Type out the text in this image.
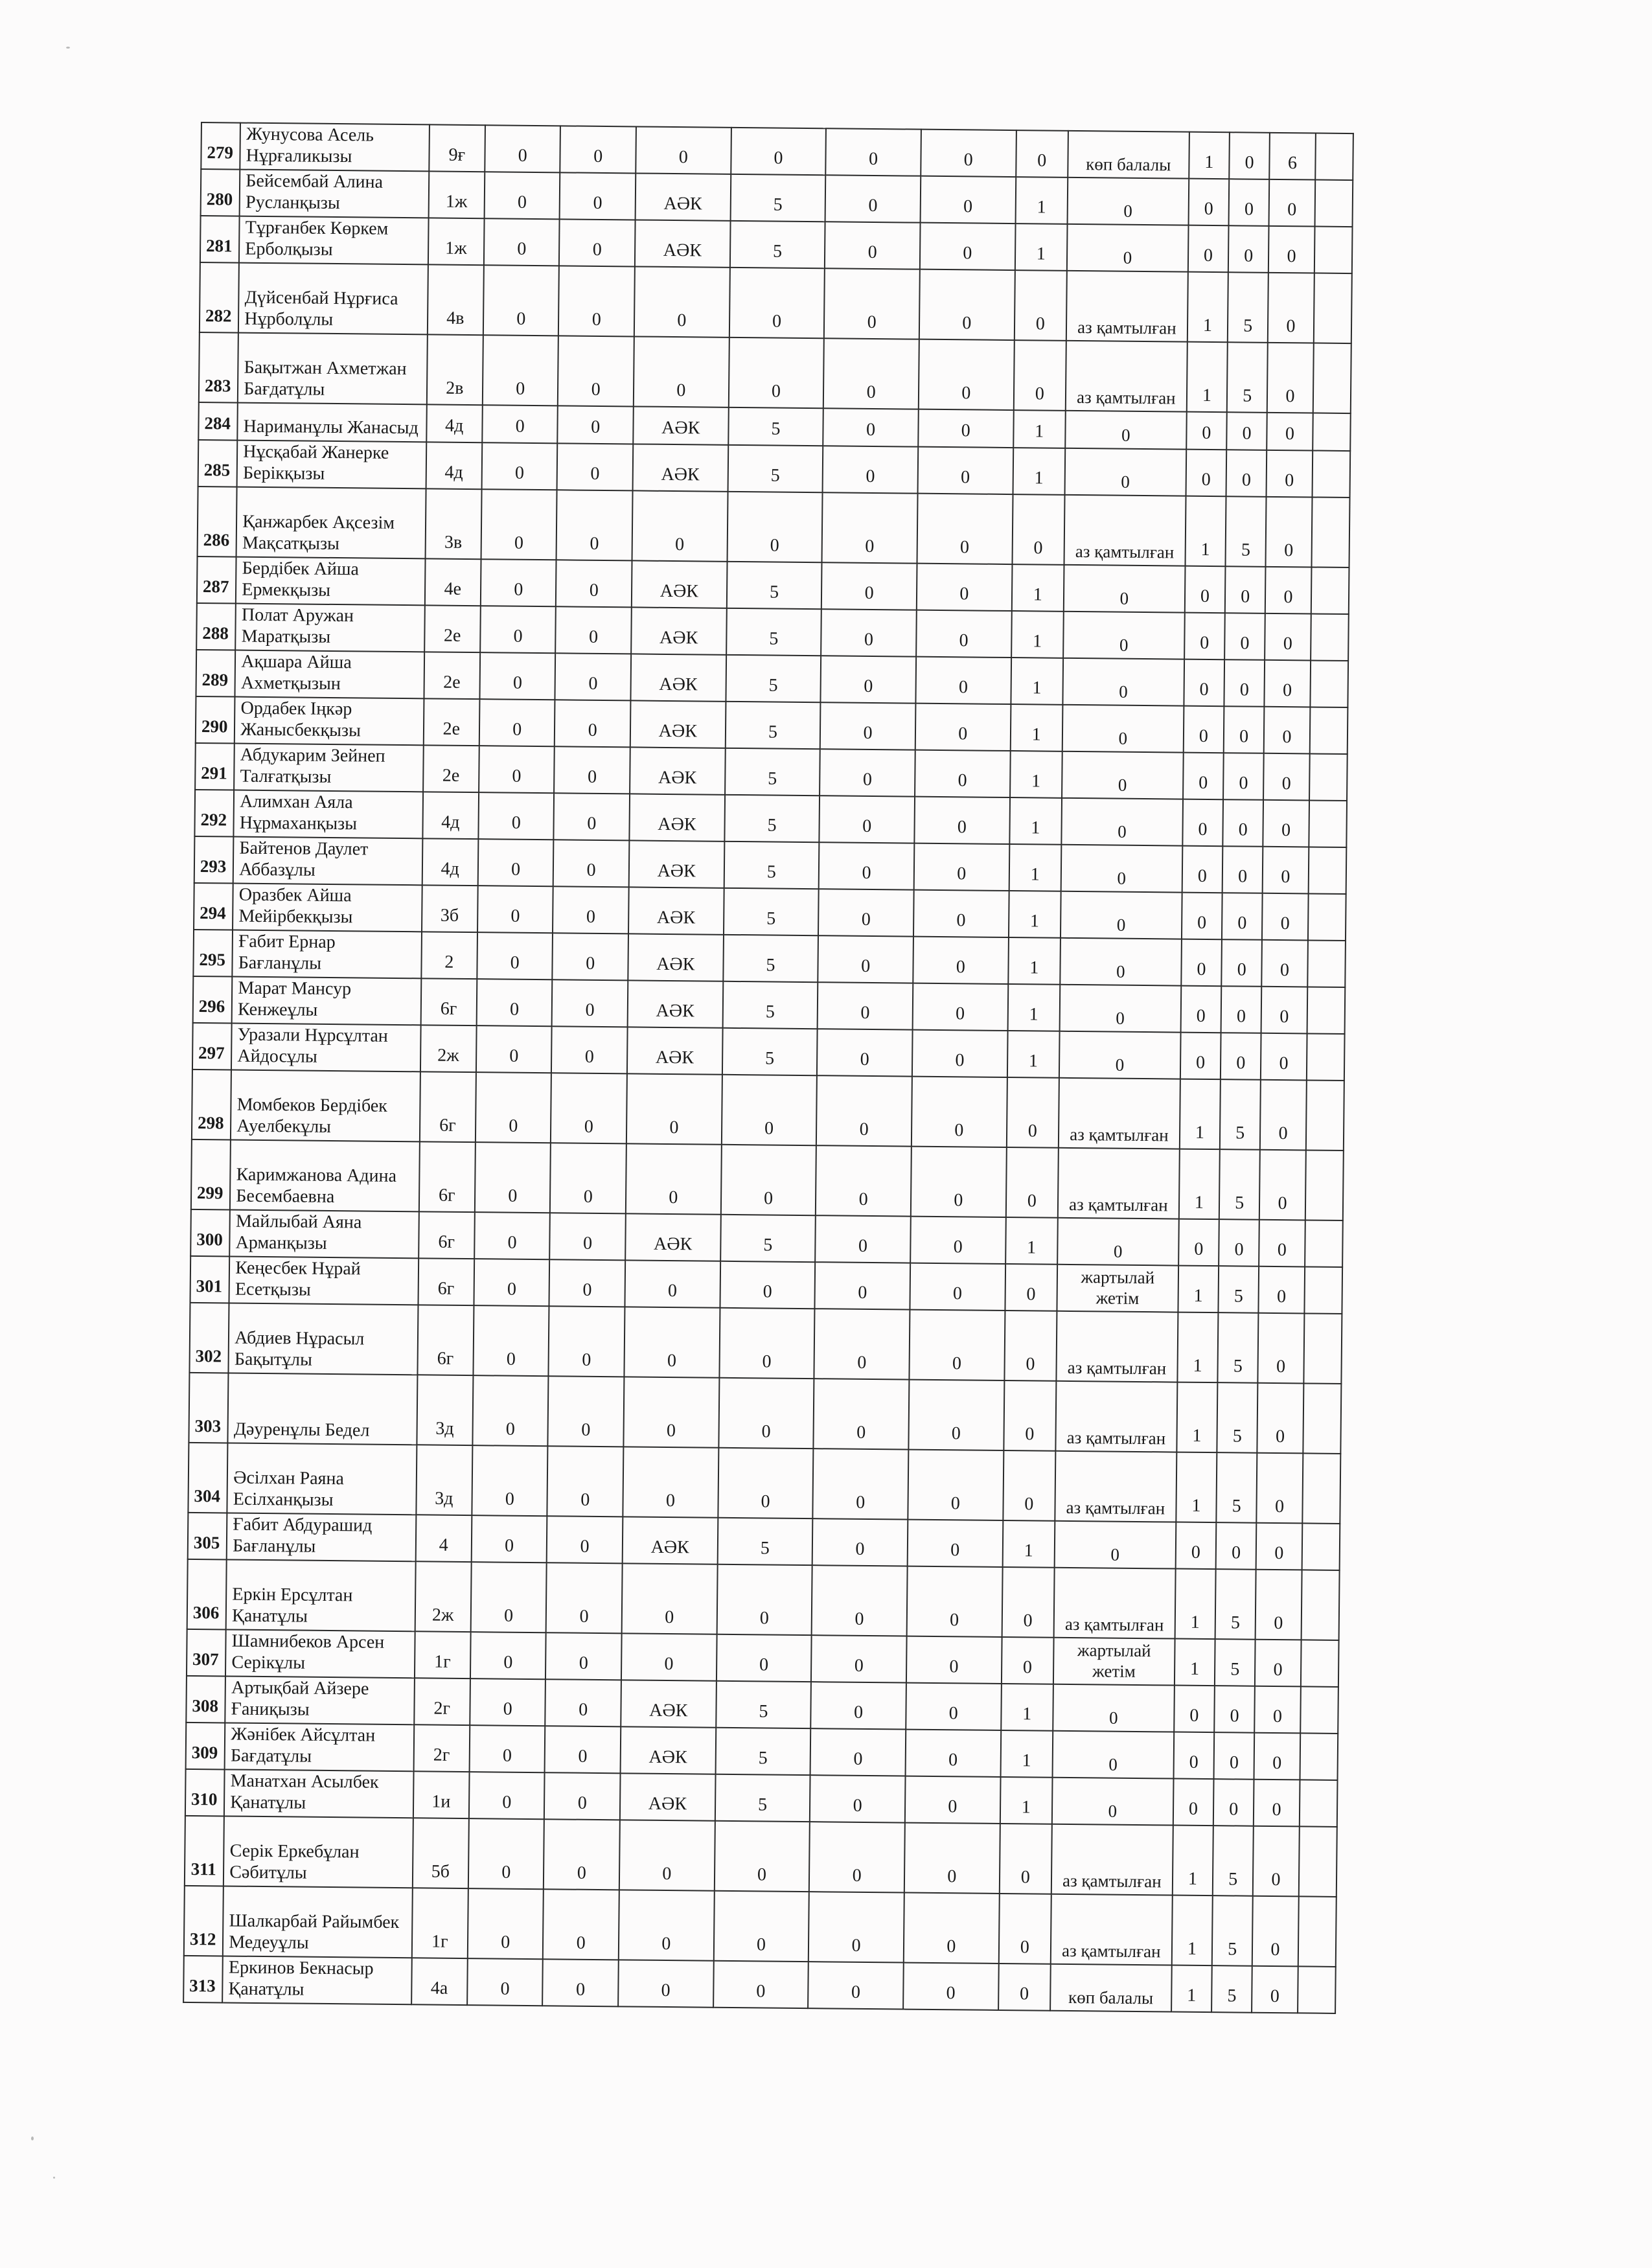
279	Жунусова Асель Нұрғаликызы	9ғ	0	0	0	0	0	0	0	көп балалы	1	0	6	
280	Бейсембай Алина Русланқызы	1ж	0	0	АӘК	5	0	0	1	0	0	0	0	
281	Тұрғанбек Көркем Ерболқызы	1ж	0	0	АӘК	5	0	0	1	0	0	0	0	
282	Дүйсенбай Нұрғиса Нұрболұлы	4в	0	0	0	0	0	0	0	аз қамтылған	1	5	0	
283	Бақытжан Ахметжан Бағдатұлы	2в	0	0	0	0	0	0	0	аз қамтылған	1	5	0	
284	Нариманұлы Жанасыд	4д	0	0	АӘК	5	0	0	1	0	0	0	0	
285	Нұсқабай Жанерке Берікқызы	4д	0	0	АӘК	5	0	0	1	0	0	0	0	
286	Қанжарбек Ақсезім Мақсатқызы	3в	0	0	0	0	0	0	0	аз қамтылған	1	5	0	
287	Бердібек Айша Ермекқызы	4е	0	0	АӘК	5	0	0	1	0	0	0	0	
288	Полат Аружан Маратқызы	2е	0	0	АӘК	5	0	0	1	0	0	0	0	
289	Ақшара Айша Ахметқызын	2е	0	0	АӘК	5	0	0	1	0	0	0	0	
290	Ордабек Іңкәр Жанысбекқызы	2е	0	0	АӘК	5	0	0	1	0	0	0	0	
291	Абдукарим Зейнеп Талғатқызы	2е	0	0	АӘК	5	0	0	1	0	0	0	0	
292	Алимхан Аяла Нұрмаханқызы	4д	0	0	АӘК	5	0	0	1	0	0	0	0	
293	Байтенов Даулет Аббазұлы	4д	0	0	АӘК	5	0	0	1	0	0	0	0	
294	Оразбек Айша Мейірбекқызы	3б	0	0	АӘК	5	0	0	1	0	0	0	0	
295	Ғабит Ернар Бағланұлы	2	0	0	АӘК	5	0	0	1	0	0	0	0	
296	Марат Мансур Кенжеұлы	6г	0	0	АӘК	5	0	0	1	0	0	0	0	
297	Уразали Нұрсұлтан Айдосұлы	2ж	0	0	АӘК	5	0	0	1	0	0	0	0	
298	Момбеков Бердібек Ауелбекұлы	6г	0	0	0	0	0	0	0	аз қамтылған	1	5	0	
299	Каримжанова Адина Бесембаевна	6г	0	0	0	0	0	0	0	аз қамтылған	1	5	0	
300	Майлыбай Аяна Арманқызы	6г	0	0	АӘК	5	0	0	1	0	0	0	0	
301	Кеңесбек Нұрай Есетқызы	6г	0	0	0	0	0	0	0	жартылай жетім	1	5	0	
302	Абдиев Нұрасыл Бақытұлы	6г	0	0	0	0	0	0	0	аз қамтылған	1	5	0	
303	Дәуренұлы Бедел	3д	0	0	0	0	0	0	0	аз қамтылған	1	5	0	
304	Әсілхан Раяна Есілханқызы	3д	0	0	0	0	0	0	0	аз қамтылған	1	5	0	
305	Ғабит Абдурашид Бағланұлы	4	0	0	АӘК	5	0	0	1	0	0	0	0	
306	Еркін Ерсұлтан Қанатұлы	2ж	0	0	0	0	0	0	0	аз қамтылған	1	5	0	
307	Шамнибеков Арсен Серікұлы	1г	0	0	0	0	0	0	0	жартылай жетім	1	5	0	
308	Артықбай Айзере Ғаниқызы	2г	0	0	АӘК	5	0	0	1	0	0	0	0	
309	Жәнібек Айсұлтан Бағдатұлы	2г	0	0	АӘК	5	0	0	1	0	0	0	0	
310	Манатхан Асылбек Қанатұлы	1и	0	0	АӘК	5	0	0	1	0	0	0	0	
311	Серік Еркебұлан Сәбитұлы	5б	0	0	0	0	0	0	0	аз қамтылған	1	5	0	
312	Шалкарбай Райымбек Медеуұлы	1г	0	0	0	0	0	0	0	аз қамтылған	1	5	0	
313	Еркинов Бекнасыр Қанатұлы	4а	0	0	0	0	0	0	0	көп балалы	1	5	0	
